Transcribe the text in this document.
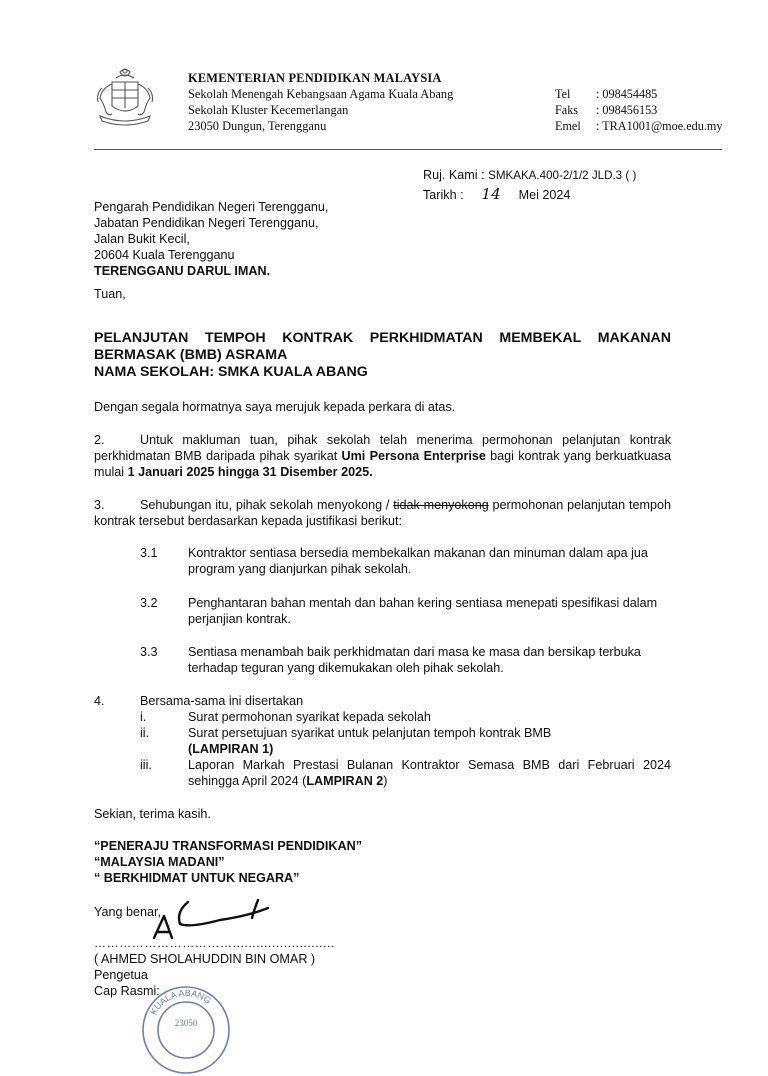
KEMENTERIAN PENDIDIKAN MALAYSIA
Sekolah Menengah Kebangsaan Agama Kuala Abang
Sekolah Kluster Kecemerlangan
23050 Dungun, Terengganu
Tel	: 098454485
Faks	: 098456153
Emel	: TRA1001@moe.edu.my
Ruj. Kami : SMKAKA.400-2/1/2 JLD.3 ( )
Tarikh : 14 Mei 2024
Pengarah Pendidikan Negeri Terengganu,
Jabatan Pendidikan Negeri Terengganu,
Jalan Bukit Kecil,
20604 Kuala Terengganu
TERENGGANU DARUL IMAN.
Tuan,
PELANJUTAN TEMPOH KONTRAK PERKHIDMATAN MEMBEKAL MAKANAN
BERMASAK (BMB) ASRAMA
NAMA SEKOLAH: SMKA KUALA ABANG
Dengan segala hormatnya saya merujuk kepada perkara di atas.
2.	Untuk makluman tuan, pihak sekolah telah menerima permohonan pelanjutan kontrak perkhidmatan BMB daripada pihak syarikat Umi Persona Enterprise bagi kontrak yang berkuatkuasa mulai 1 Januari 2025 hingga 31 Disember 2025.
3.	Sehubungan itu, pihak sekolah menyokong / tidak menyokong permohonan pelanjutan tempoh kontrak tersebut berdasarkan kepada justifikasi berikut:
3.1	Kontraktor sentiasa bersedia membekalkan makanan dan minuman dalam apa jua program yang dianjurkan pihak sekolah.
3.2	Penghantaran bahan mentah dan bahan kering sentiasa menepati spesifikasi dalam perjanjian kontrak.
3.3	Sentiasa menambah baik perkhidmatan dari masa ke masa dan bersikap terbuka terhadap teguran yang dikemukakan oleh pihak sekolah.
4.	Bersama-sama ini disertakan
i.	Surat permohonan syarikat kepada sekolah
ii.	Surat persetujuan syarikat untuk pelanjutan tempoh kontrak BMB
(LAMPIRAN 1)
iii.	Laporan Markah Prestasi Bulanan Kontraktor Semasa BMB dari Februari 2024 sehingga April 2024 (LAMPIRAN 2)
Sekian, terima kasih.
“PENERAJU TRANSFORMASI PENDIDIKAN”
“MALAYSIA MADANI”
“ BERKHIDMAT UNTUK NEGARA”
Yang benar,
……………………………..........................
( AHMED SHOLAHUDDIN BIN OMAR )
Pengetua
Cap Rasmi:
KUALA ABANG
23050
